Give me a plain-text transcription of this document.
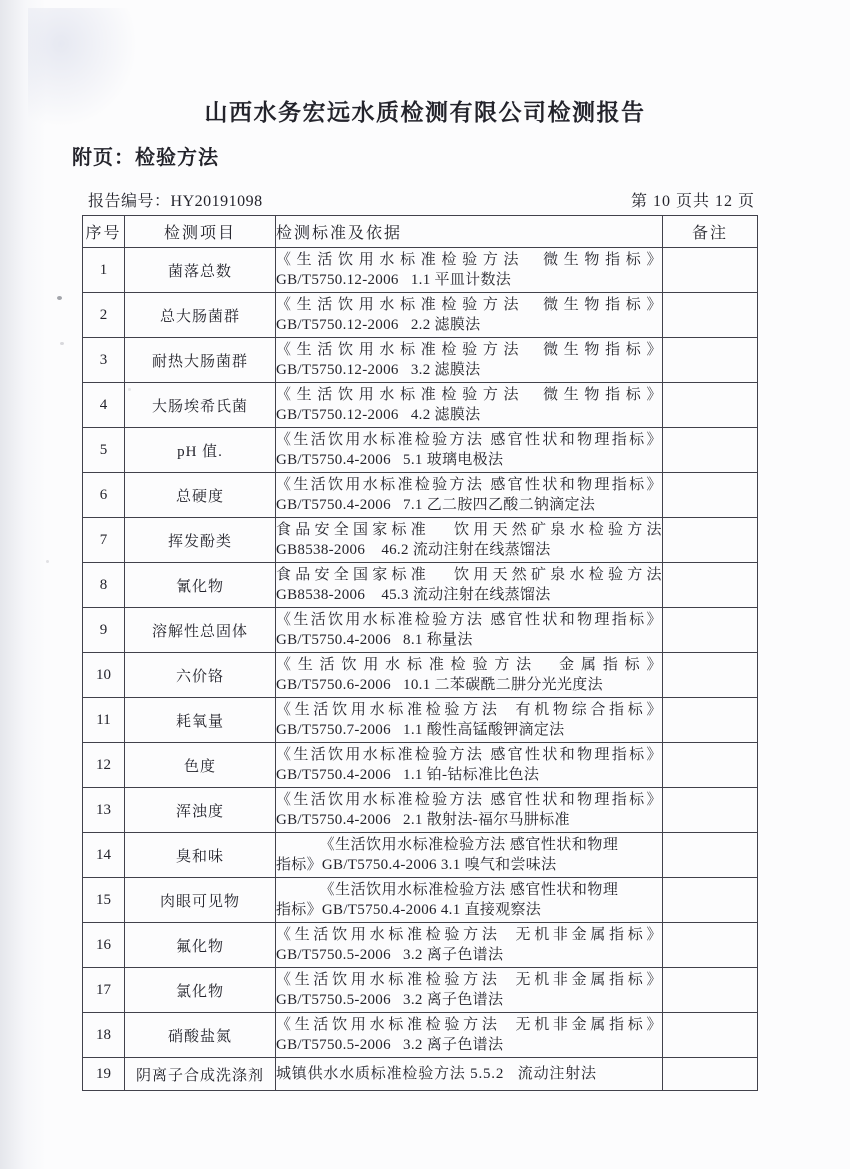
山西水务宏远水质检测有限公司检测报告
附页：检验方法
报告编号：HY20191098	第 10 页共 12 页
序号	检测项目	检测标准及依据	备注
1	菌落总数	《生活饮用水标准检验方法  微生物指标》
GB/T5750.12-2006   1.1 平皿计数法	

2	总大肠菌群	《生活饮用水标准检验方法  微生物指标》
GB/T5750.12-2006   2.2 滤膜法	

3	耐热大肠菌群	《生活饮用水标准检验方法  微生物指标》
GB/T5750.12-2006   3.2 滤膜法	

4	大肠埃希氏菌	《生活饮用水标准检验方法  微生物指标》
GB/T5750.12-2006   4.2 滤膜法	

5	pH 值.	《生活饮用水标准检验方法 感官性状和物理指标》
GB/T5750.4-2006   5.1 玻璃电极法	

6	总硬度	《生活饮用水标准检验方法 感官性状和物理指标》
GB/T5750.4-2006   7.1 乙二胺四乙酸二钠滴定法	

7	挥发酚类	食品安全国家标准   饮用天然矿泉水检验方法
GB8538-2006    46.2 流动注射在线蒸馏法	

8	氰化物	食品安全国家标准   饮用天然矿泉水检验方法
GB8538-2006    45.3 流动注射在线蒸馏法	

9	溶解性总固体	《生活饮用水标准检验方法 感官性状和物理指标》
GB/T5750.4-2006   8.1 称量法	

10	六价铬	《生活饮用水标准检验方法  金属指标》
GB/T5750.6-2006   10.1 二苯碳酰二肼分光光度法	

11	耗氧量	《生活饮用水标准检验方法  有机物综合指标》
GB/T5750.7-2006   1.1 酸性高锰酸钾滴定法	

12	色度	《生活饮用水标准检验方法 感官性状和物理指标》
GB/T5750.4-2006   1.1 铂-钴标准比色法	

13	浑浊度	《生活饮用水标准检验方法 感官性状和物理指标》
GB/T5750.4-2006   2.1 散射法-福尔马肼标准	

14	臭和味	《生活饮用水标准检验方法 感官性状和物理
指标》GB/T5750.4-2006 3.1 嗅气和尝味法	

15	肉眼可见物	《生活饮用水标准检验方法 感官性状和物理
指标》GB/T5750.4-2006 4.1 直接观察法	

16	氟化物	《生活饮用水标准检验方法  无机非金属指标》
GB/T5750.5-2006   3.2 离子色谱法	

17	氯化物	《生活饮用水标准检验方法  无机非金属指标》
GB/T5750.5-2006   3.2 离子色谱法	

18	硝酸盐氮	《生活饮用水标准检验方法  无机非金属指标》
GB/T5750.5-2006   3.2 离子色谱法	

19	阴离子合成洗涤剂	城镇供水水质标准检验方法 5.5.2   流动注射法	
